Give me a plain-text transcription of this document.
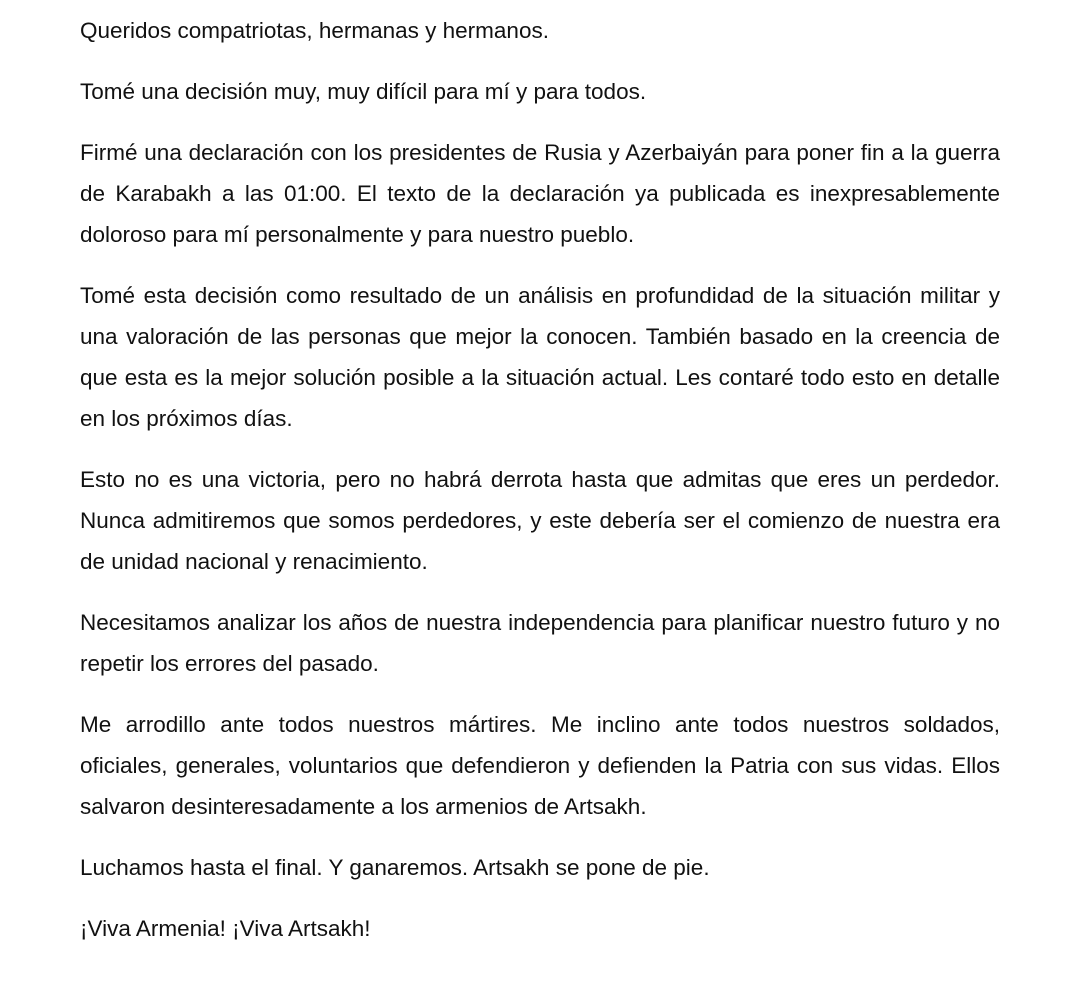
Queridos compatriotas, hermanas y hermanos.

Tomé una decisión muy, muy difícil para mí y para todos.

Firmé una declaración con los presidentes de Rusia y Azerbaiyán para poner fin a la guerra de Karabakh a las 01:00. El texto de la declaración ya publicada es inexpresablemente doloroso para mí personalmente y para nuestro pueblo.

Tomé esta decisión como resultado de un análisis en profundidad de la situación militar y una valoración de las personas que mejor la conocen. También basado en la creencia de que esta es la mejor solución posible a la situación actual. Les contaré todo esto en detalle en los próximos días.

Esto no es una victoria, pero no habrá derrota hasta que admitas que eres un perdedor. Nunca admitiremos que somos perdedores, y este debería ser el comienzo de nuestra era de unidad nacional y renacimiento.

Necesitamos analizar los años de nuestra independencia para planificar nuestro futuro y no repetir los errores del pasado.

Me arrodillo ante todos nuestros mártires. Me inclino ante todos nuestros soldados, oficiales, generales, voluntarios que defendieron y defienden la Patria con sus vidas. Ellos salvaron desinteresadamente a los armenios de Artsakh.

Luchamos hasta el final. Y ganaremos. Artsakh se pone de pie.

¡Viva Armenia! ¡Viva Artsakh!
